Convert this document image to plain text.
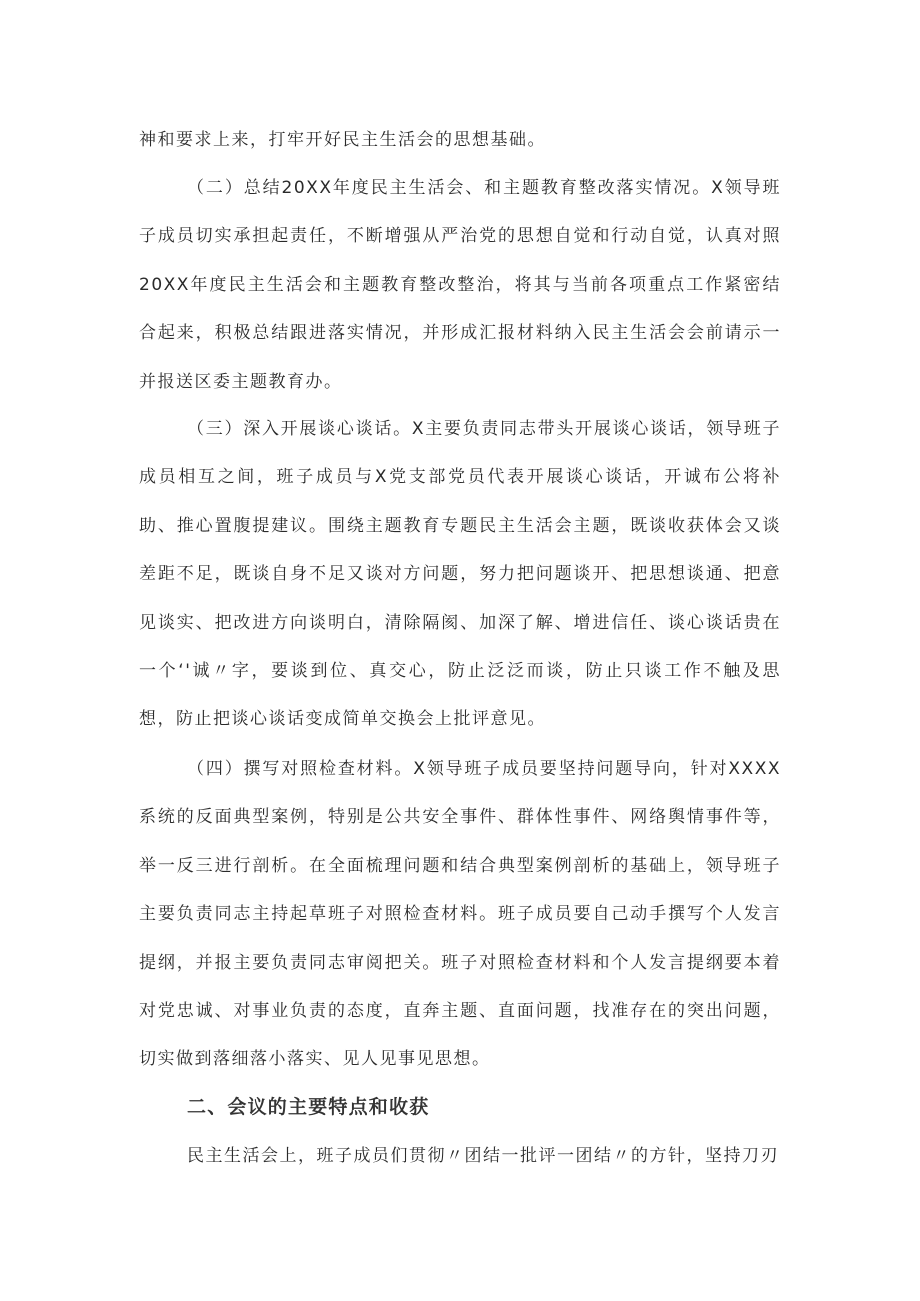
神和要求上来，打牢开好民主生活会的思想基础。

（二）总结20XX年度民主生活会、和主题教育整改落实情况。X领导班子成员切实承担起责任，不断增强从严治党的思想自觉和行动自觉，认真对照20XX年度民主生活会和主题教育整改整治，将其与当前各项重点工作紧密结合起来，积极总结跟进落实情况，并形成汇报材料纳入民主生活会会前请示一并报送区委主题教育办。

（三）深入开展谈心谈话。X主要负责同志带头开展谈心谈话，领导班子成员相互之间，班子成员与X党支部党员代表开展谈心谈话，开诚布公将补助、推心置腹提建议。围绕主题教育专题民主生活会主题，既谈收获体会又谈差距不足，既谈自身不足又谈对方问题，努力把问题谈开、把思想谈通、把意见谈实、把改进方向谈明白，清除隔阂、加深了解、增进信任、谈心谈话贵在一个‘'诚〃字，要谈到位、真交心，防止泛泛而谈，防止只谈工作不触及思想，防止把谈心谈话变成简单交换会上批评意见。

（四）撰写对照检查材料。X领导班子成员要坚持问题导向，针对XXXX系统的反面典型案例，特别是公共安全事件、群体性事件、网络舆情事件等，举一反三进行剖析。在全面梳理问题和结合典型案例剖析的基础上，领导班子主要负责同志主持起草班子对照检查材料。班子成员要自己动手撰写个人发言提纲，并报主要负责同志审阅把关。班子对照检查材料和个人发言提纲要本着对党忠诚、对事业负责的态度，直奔主题、直面问题，找准存在的突出问题，切实做到落细落小落实、见人见事见思想。

二、会议的主要特点和收获

民主生活会上，班子成员们贯彻〃团结一批评一团结〃的方针，坚持刀刃
